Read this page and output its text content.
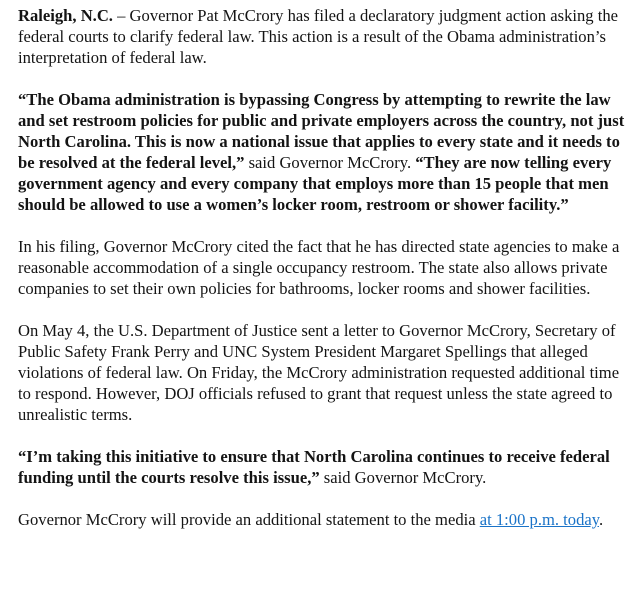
Raleigh, N.C. – Governor Pat McCrory has filed a declaratory judgment action asking the federal courts to clarify federal law. This action is a result of the Obama administration’s interpretation of federal law.

“The Obama administration is bypassing Congress by attempting to rewrite the law and set restroom policies for public and private employers across the country, not just North Carolina. This is now a national issue that applies to every state and it needs to be resolved at the federal level,” said Governor McCrory. “They are now telling every government agency and every company that employs more than 15 people that men should be allowed to use a women’s locker room, restroom or shower facility.”

In his filing, Governor McCrory cited the fact that he has directed state agencies to make a reasonable accommodation of a single occupancy restroom. The state also allows private companies to set their own policies for bathrooms, locker rooms and shower facilities.

On May 4, the U.S. Department of Justice sent a letter to Governor McCrory, Secretary of Public Safety Frank Perry and UNC System President Margaret Spellings that alleged violations of federal law. On Friday, the McCrory administration requested additional time to respond. However, DOJ officials refused to grant that request unless the state agreed to unrealistic terms.

“I’m taking this initiative to ensure that North Carolina continues to receive federal funding until the courts resolve this issue,” said Governor McCrory.

Governor McCrory will provide an additional statement to the media at 1:00 p.m. today.
